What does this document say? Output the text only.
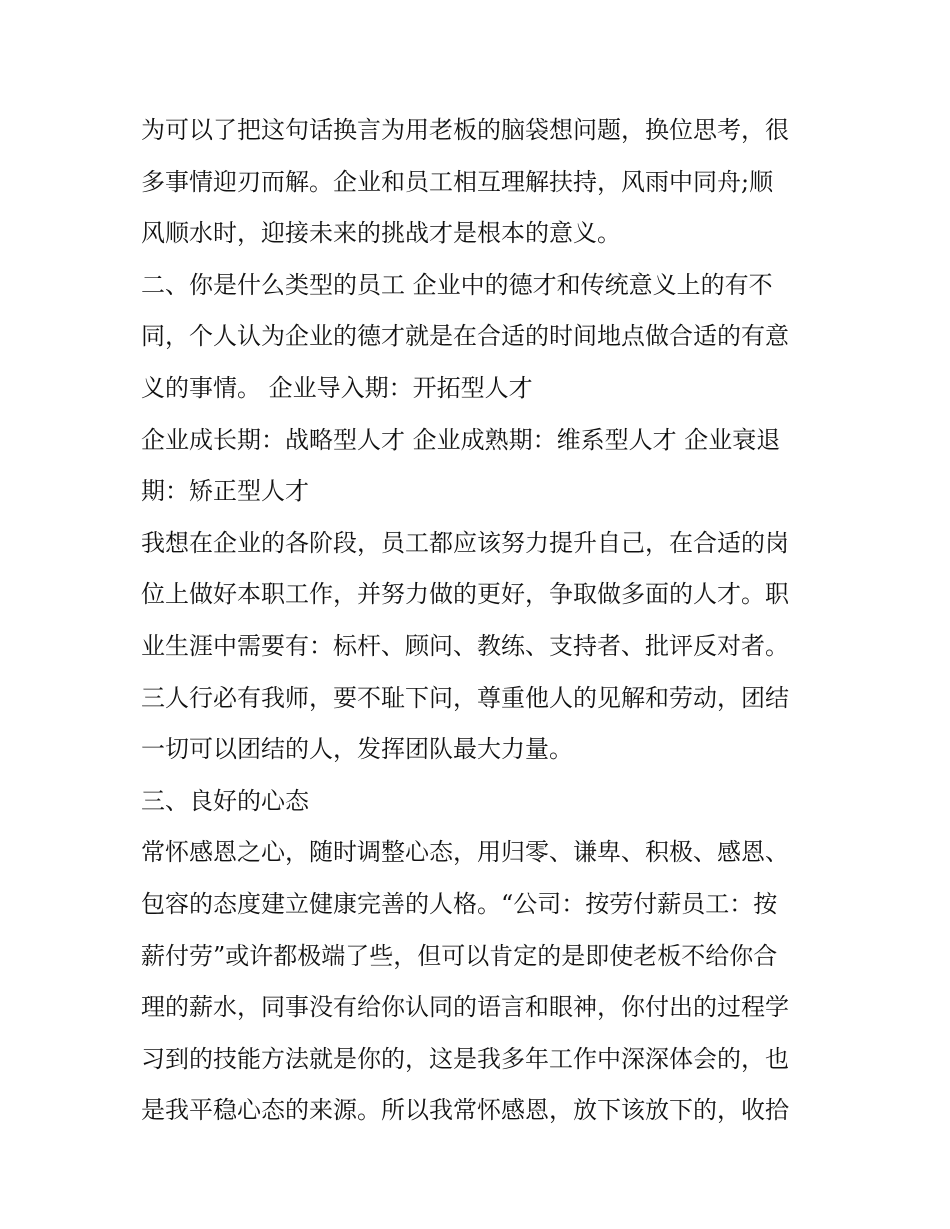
为可以了把这句话换言为用老板的脑袋想问题，换位思考，很
多事情迎刃而解。企业和员工相互理解扶持，风雨中同舟;顺
风顺水时，迎接未来的挑战才是根本的意义。
二、你是什么类型的员工 企业中的德才和传统意义上的有不
同，个人认为企业的德才就是在合适的时间地点做合适的有意
义的事情。 企业导入期：开拓型人才
企业成长期：战略型人才 企业成熟期：维系型人才 企业衰退
期：矫正型人才
我想在企业的各阶段，员工都应该努力提升自己，在合适的岗
位上做好本职工作，并努力做的更好，争取做多面的人才。职
业生涯中需要有：标杆、顾问、教练、支持者、批评反对者。
三人行必有我师，要不耻下问，尊重他人的见解和劳动，团结
一切可以团结的人，发挥团队最大力量。
三、良好的心态
常怀感恩之心，随时调整心态，用归零、谦卑、积极、感恩、
包容的态度建立健康完善的人格。“公司：按劳付薪员工：按
薪付劳”或许都极端了些，但可以肯定的是即使老板不给你合
理的薪水，同事没有给你认同的语言和眼神，你付出的过程学
习到的技能方法就是你的，这是我多年工作中深深体会的，也
是我平稳心态的来源。所以我常怀感恩，放下该放下的，收拾
